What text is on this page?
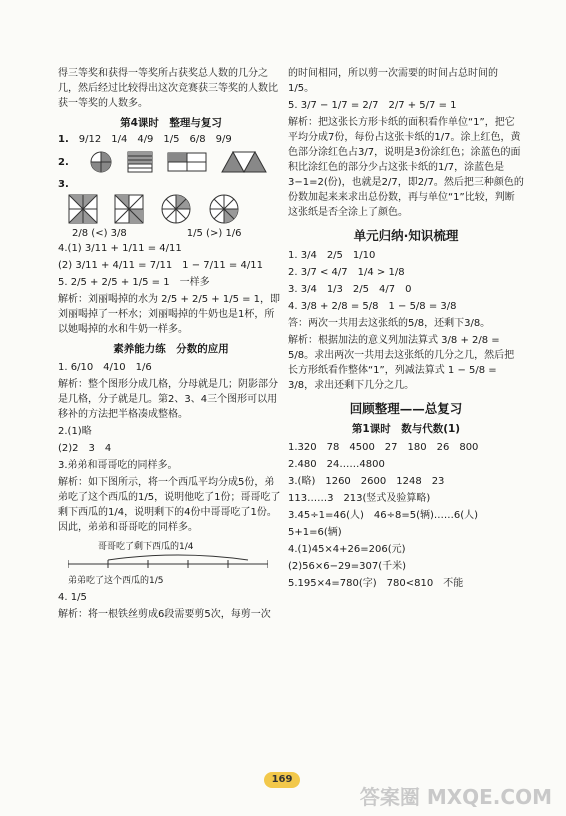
得三等奖和获得一等奖所占获奖总人数的几分之几，然后经过比较得出这次竞赛获三等奖的人数比获一等奖的人数多。

第4课时　整理与复习
1. 9/12 1/4 4/9 1/5 6/8 9/9
2.
3.
2/8 (<) 3/8	1/5 (>) 1/6

4.(1) 3/11 + 1/11 = 4/11

(2) 3/11 + 4/11 = 7/11　1 − 7/11 = 4/11

5. 2/5 + 2/5 + 1/5 = 1　一样多

解析：刘丽喝掉的水为 2/5 + 2/5 + 1/5 = 1，即刘丽喝掉了一杯水；刘丽喝掉的牛奶也是1杯，所以她喝掉的水和牛奶一样多。

素养能力练　分数的应用

1. 6/10　4/10　1/6

解析：整个图形分成几格，分母就是几；阴影部分是几格，分子就是几。第2、3、4三个图形可以用移补的方法把半格凑成整格。

2.(1)略

(2)2　3　4

3.弟弟和哥哥吃的同样多。

解析：如下图所示，将一个西瓜平均分成5份，弟弟吃了这个西瓜的1/5，说明他吃了1份；哥哥吃了剩下西瓜的1/4，说明剩下的4份中哥哥吃了1份。因此，弟弟和哥哥吃的同样多。

哥哥吃了剩下西瓜的1/4
弟弟吃了这个西瓜的1/5

4. 1/5

解析：将一根铁丝剪成6段需要剪5次，每剪一次

的时间相同，所以剪一次需要的时间占总时间的1/5。

5. 3/7 − 1/7 = 2/7　2/7 + 5/7 = 1

解析：把这张长方形卡纸的面积看作单位“1”，把它平均分成7份，每份占这张卡纸的1/7。涂上红色，黄色部分涂红色占3/7，说明是3份涂红色；涂蓝色的面积比涂红色的部分少占这张卡纸的1/7，涂蓝色是3−1=2(份)，也就是2/7，即2/7。然后把三种颜色的份数加起来来求出总份数，再与单位“1”比较，判断这张纸是否全涂上了颜色。

单元归纳·知识梳理

1. 3/4　2/5　1/10

2. 3/7 < 4/7　1/4 > 1/8

3. 3/4　1/3　2/5　4/7　0

4. 3/8 + 2/8 = 5/8　1 − 5/8 = 3/8

答：两次一共用去这张纸的5/8，还剩下3/8。

解析：根据加法的意义列加法算式 3/8 + 2/8 = 5/8。求出两次一共用去这张纸的几分之几，然后把长方形纸看作整体“1”，列减法算式 1 − 5/8 = 3/8，求出还剩下几分之几。

回顾整理——总复习
第1课时　数与代数(1)

1.320　78　4500　27　180　26　800

2.480　24……4800

3.(略)　1260　2600　1248　23

113……3　213(竖式及验算略)

3.45÷1=46(人)　46÷8=5(辆)……6(人)

5+1=6(辆)

4.(1)45×4+26=206(元)

(2)56×6−29=307(千米)

5.195×4=780(字)　780<810　不能

169
答案圈 MXQE.COM
